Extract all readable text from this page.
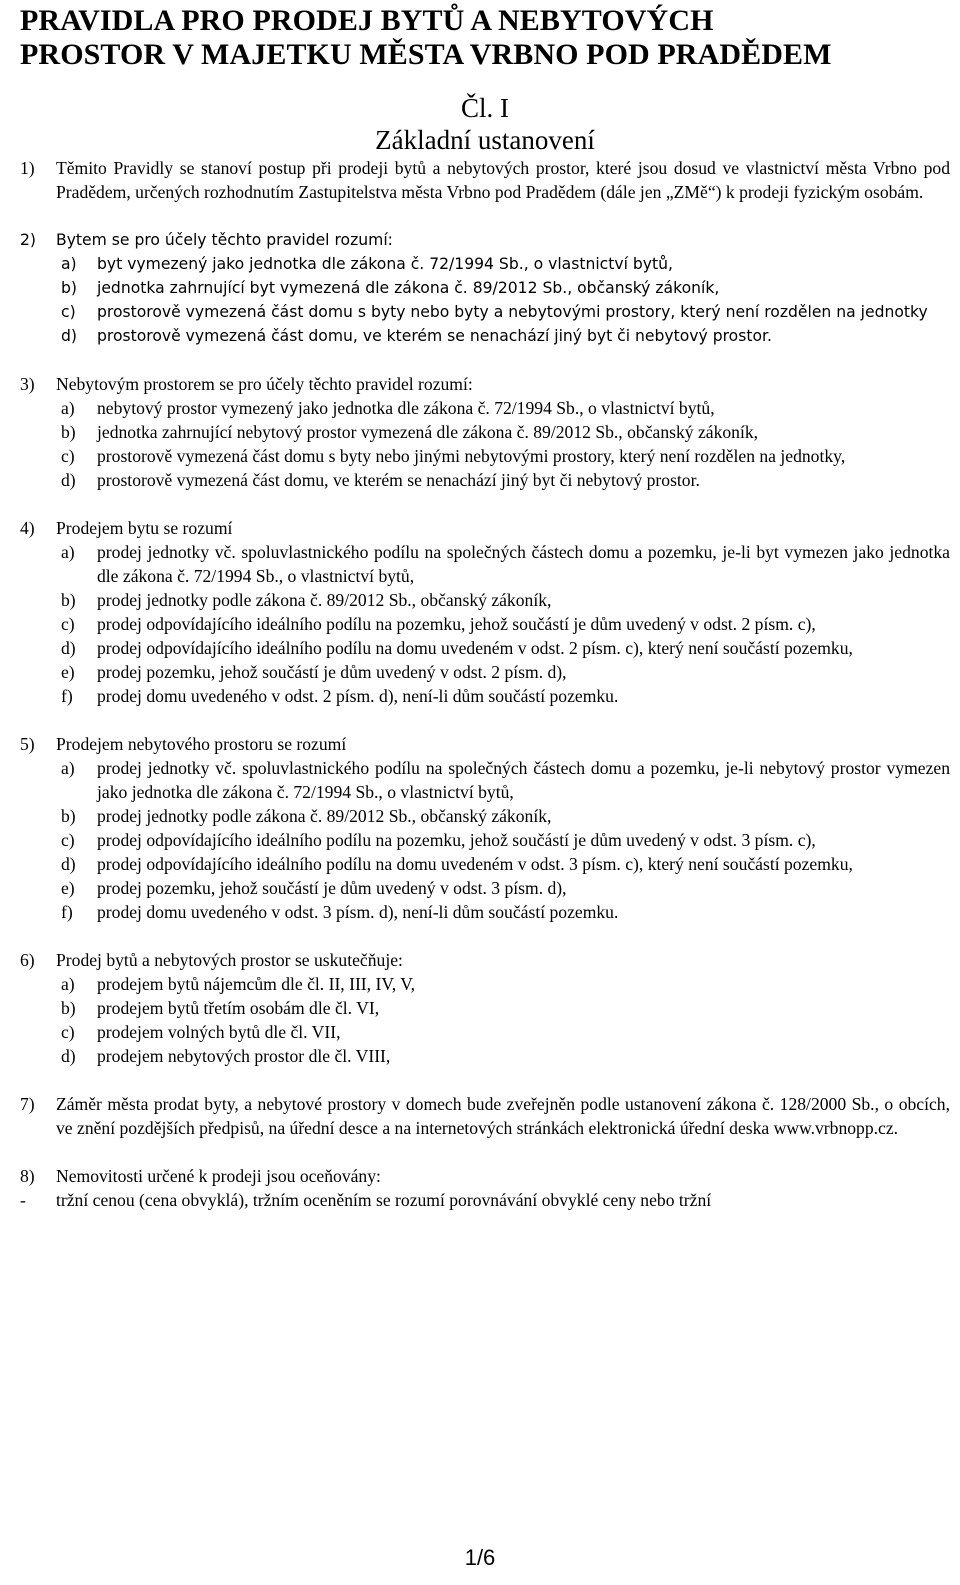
PRAVIDLA PRO PRODEJ BYTŮ A NEBYTOVÝCH
PROSTOR V MAJETKU MĚSTA VRBNO POD PRADĚDEM
Čl. I
Základní ustanovení
1)	Těmito Pravidly se stanoví postup při prodeji bytů a nebytových prostor, které jsou dosud ve vlastnictví města Vrbno pod Pradědem, určených rozhodnutím Zastupitelstva města Vrbno pod Pradědem (dále jen „ZMě“) k prodeji fyzickým osobám.
2)	Bytem se pro účely těchto pravidel rozumí:
a)	byt vymezený jako jednotka dle zákona č. 72/1994 Sb., o vlastnictví bytů,
b)	jednotka zahrnující byt vymezená dle zákona č. 89/2012 Sb., občanský zákoník,
c)	prostorově vymezená část domu s byty nebo byty a nebytovými prostory, který není rozdělen na jednotky
d)	prostorově vymezená část domu, ve kterém se nenachází jiný byt či nebytový prostor.
3)	Nebytovým prostorem se pro účely těchto pravidel rozumí:
a)	nebytový prostor vymezený jako jednotka dle zákona č. 72/1994 Sb., o vlastnictví bytů,
b)	jednotka zahrnující nebytový prostor vymezená dle zákona č. 89/2012 Sb., občanský zákoník,
c)	prostorově vymezená část domu s byty nebo jinými nebytovými prostory, který není rozdělen na jednotky,
d)	prostorově vymezená část domu, ve kterém se nenachází jiný byt či nebytový prostor.
4)	Prodejem bytu se rozumí
a)	prodej jednotky vč. spoluvlastnického podílu na společných částech domu a pozemku, je-li byt vymezen jako jednotka dle zákona č. 72/1994 Sb., o vlastnictví bytů,
b)	prodej jednotky podle zákona č. 89/2012 Sb., občanský zákoník,
c)	prodej odpovídajícího ideálního podílu na pozemku, jehož součástí je dům uvedený v odst. 2 písm. c),
d)	prodej odpovídajícího ideálního podílu na domu uvedeném v odst. 2 písm. c), který není součástí pozemku,
e)	prodej pozemku, jehož součástí je dům uvedený v odst. 2 písm. d),
f)	prodej domu uvedeného v odst. 2 písm. d), není-li dům součástí pozemku.
5)	Prodejem nebytového prostoru se rozumí
a)	prodej jednotky vč. spoluvlastnického podílu na společných částech domu a pozemku, je-li nebytový prostor vymezen jako jednotka dle zákona č. 72/1994 Sb., o vlastnictví bytů,
b)	prodej jednotky podle zákona č. 89/2012 Sb., občanský zákoník,
c)	prodej odpovídajícího ideálního podílu na pozemku, jehož součástí je dům uvedený v odst. 3 písm. c),
d)	prodej odpovídajícího ideálního podílu na domu uvedeném v odst. 3 písm. c), který není součástí pozemku,
e)	prodej pozemku, jehož součástí je dům uvedený v odst. 3 písm. d),
f)	prodej domu uvedeného v odst. 3 písm. d), není-li dům součástí pozemku.
6)	Prodej bytů a nebytových prostor se uskutečňuje:
a)	prodejem bytů nájemcům dle čl. II, III, IV, V,
b)	prodejem bytů třetím osobám dle čl. VI,
c)	prodejem volných bytů dle čl. VII,
d)	prodejem nebytových prostor dle čl. VIII,
7)	Záměr města prodat byty, a nebytové prostory v domech bude zveřejněn podle ustanovení zákona č. 128/2000 Sb., o obcích, ve znění pozdějších předpisů, na úřední desce a na internetových stránkách elektronická úřední deska www.vrbnopp.cz.
8)	Nemovitosti určené k prodeji jsou oceňovány:
-	tržní cenou (cena obvyklá), tržním oceněním se rozumí porovnávání obvyklé ceny nebo tržní
1/6
